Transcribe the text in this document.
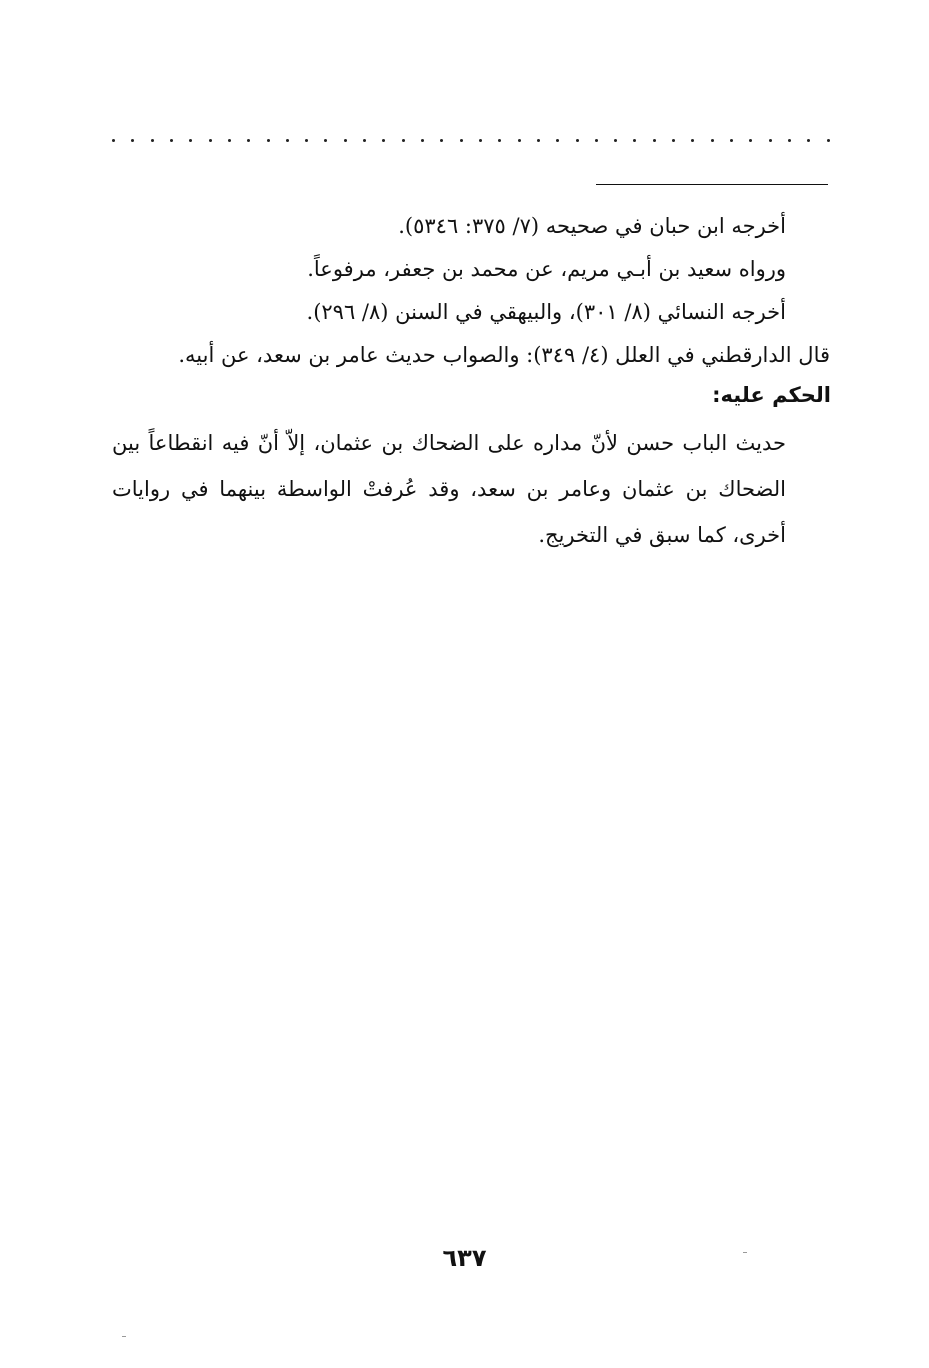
أخرجه ابن حبان في صحيحه (٧/ ٣٧٥: ٥٣٤٦).
ورواه سعيد بن أبـي مريم، عن محمد بن جعفر، مرفوعاً.
أخرجه النسائي (٨/ ٣٠١)، والبيهقي في السنن (٨/ ٢٩٦).
قال الدارقطني في العلل (٤/ ٣٤٩): والصواب حديث عامر بن سعد، عن أبيه.
الحكم عليه:
حديث الباب حسن لأنّ مداره على الضحاك بن عثمان، إلاّ أنّ فيه انقطاعاً بين الضحاك بن عثمان وعامر بن سعد، وقد عُرفتْ الواسطة بينهما في روايات أخرى، كما سبق في التخريج.
٦٣٧
